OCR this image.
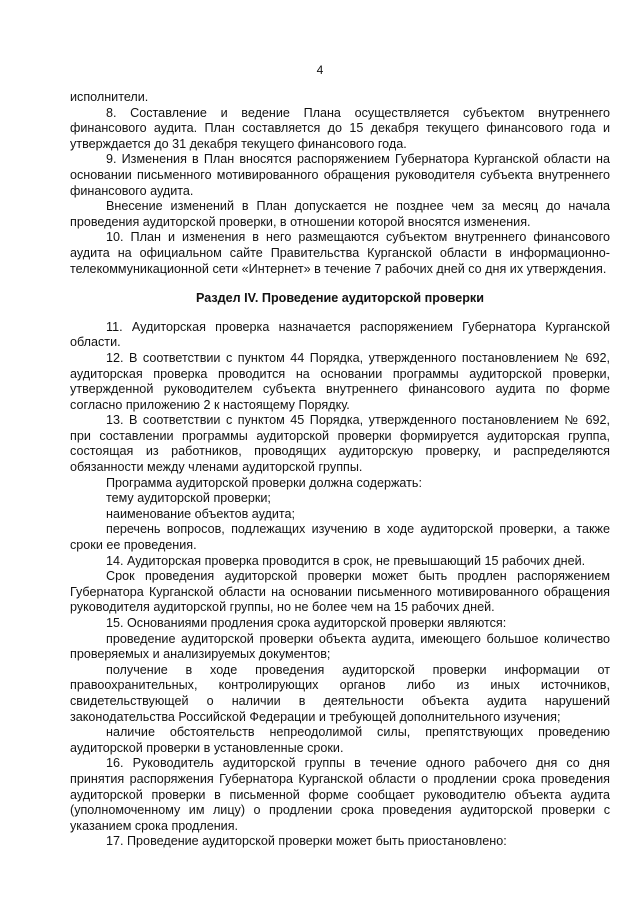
4

исполнители.

8. Составление и ведение Плана осуществляется субъектом внутреннего финансового аудита. План составляется до 15 декабря текущего финансового года и утверждается до 31 декабря текущего финансового года.

9. Изменения в План вносятся распоряжением Губернатора Курганской области на основании письменного мотивированного обращения руководителя субъекта внутреннего финансового аудита.

Внесение изменений в План допускается не позднее чем за месяц до начала проведения аудиторской проверки, в отношении которой вносятся изменения.

10. План и изменения в него размещаются субъектом внутреннего финансового аудита на официальном сайте Правительства Курганской области в информационно-телекоммуникационной сети «Интернет» в течение 7 рабочих дней со дня их утверждения.

Раздел IV. Проведение аудиторской проверки

11. Аудиторская проверка назначается распоряжением Губернатора Курганской области.

12. В соответствии с пунктом 44 Порядка, утвержденного постановлением № 692, аудиторская проверка проводится на основании программы аудиторской проверки, утвержденной руководителем субъекта внутреннего финансового аудита по форме согласно приложению 2 к настоящему Порядку.

13. В соответствии с пунктом 45 Порядка, утвержденного постановлением № 692, при составлении программы аудиторской проверки формируется аудиторская группа, состоящая из работников, проводящих аудиторскую проверку, и распределяются обязанности между членами аудиторской группы.

Программа аудиторской проверки должна содержать:

тему аудиторской проверки;

наименование объектов аудита;

перечень вопросов, подлежащих изучению в ходе аудиторской проверки, а также сроки ее проведения.

14. Аудиторская проверка проводится в срок, не превышающий 15 рабочих дней.

Срок проведения аудиторской проверки может быть продлен распоряжением Губернатора Курганской области на основании письменного мотивированного обращения руководителя аудиторской группы, но не более чем на 15 рабочих дней.

15. Основаниями продления срока аудиторской проверки являются:

проведение аудиторской проверки объекта аудита, имеющего большое количество проверяемых и анализируемых документов;

получение в ходе проведения аудиторской проверки информации от правоохранительных, контролирующих органов либо из иных источников, свидетельствующей о наличии в деятельности объекта аудита нарушений законодательства Российской Федерации и требующей дополнительного изучения;

наличие обстоятельств непреодолимой силы, препятствующих проведению аудиторской проверки в установленные сроки.

16. Руководитель аудиторской группы в течение одного рабочего дня со дня принятия распоряжения Губернатора Курганской области о продлении срока проведения аудиторской проверки в письменной форме сообщает руководителю объекта аудита (уполномоченному им лицу) о продлении срока проведения аудиторской проверки с указанием срока продления.

17. Проведение аудиторской проверки может быть приостановлено:
